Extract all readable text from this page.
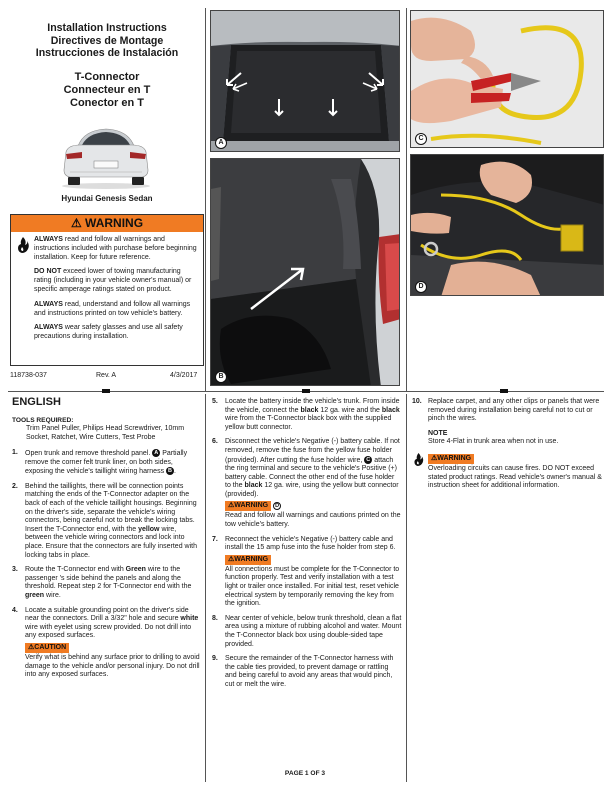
Installation Instructions
Directives de Montage
Instrucciones de Instalación
T-Connector
Connecteur en T
Conector en T
Hyundai Genesis Sedan
⚠ WARNING

ALWAYS read and follow all warnings and instructions included with purchase before beginning installation. Keep for future reference.

DO NOT exceed lower of towing manufacturing rating (including in your vehicle owner's manual) or specific amperage ratings stated on product.

ALWAYS read, understand and follow all warnings and instructions printed on tow vehicle's battery.

ALWAYS wear safety glasses and use all safety precautions during installation.

118738-037	Rev. A	4/3/2017
A
C
B
D
ENGLISH
TOOLS REQUIRED:
Trim Panel Puller, Philips Head Screwdriver, 10mm Socket, Ratchet, Wire Cutters, Test Probe
1. Open trunk and remove threshold panel. A Partially remove the corner felt trunk liner, on both sides, exposing the vehicle's taillight wiring harness B .
2. Behind the taillights, there will be connection points matching the ends of the T-Connector adapter on the back of each of the vehicle taillight housings. Beginning on the driver's side, separate the vehicle's wiring connectors, being careful not to break the locking tabs. Insert the T-Connector end, with the yellow wire, between the vehicle wiring connectors and lock into place. Ensure that the connectors are fully inserted with locking tabs in place.
3. Route the T-Connector end with Green wire to the passenger 's side behind the panels and along the threshold. Repeat step 2 for T-Connector end with the green wire.
4. Locate a suitable grounding point on the driver's side near the connectors. Drill a 3/32" hole and secure white wire with eyelet using screw provided. Do not drill into any exposed surfaces.
⚠CAUTION
Verify what is behind any surface prior to drilling to avoid damage to the vehicle and/or personal injury. Do not drill into any exposed surfaces.
5. Locate the battery inside the vehicle's trunk. From inside the vehicle, connect the black 12 ga. wire and the black wire from the T-Connector black box with the supplied yellow butt connector.
6. Disconnect the vehicle's Negative (-) battery cable. If not removed, remove the fuse from the yellow fuse holder (provided). After cutting the fuse holder wire, C attach the ring terminal and secure to the vehicle's Positive (+) battery cable. Connect the other end of the fuse holder to the black 12 ga. wire, using the yellow butt connector (provided).
⚠WARNING D
Read and follow all warnings and cautions printed on the tow vehicle's battery.
7. Reconnect the vehicle's Negative (-) battery cable and install the 15 amp fuse into the fuse holder from step 6.
⚠WARNING
All connections must be complete for the T-Connector to function properly. Test and verify installation with a test light or trailer once installed. For initial test, reset vehicle electrical system by temporarily removing the key from the ignition.
8. Near center of vehicle, below trunk threshold, clean a flat area using a mixture of rubbing alcohol and water. Mount the T-Connector black box using double-sided tape provided.
9. Secure the remainder of the T-Connector harness with the cable ties provided, to prevent damage or rattling and being careful to avoid any areas that would pinch, cut or melt the wire.
10. Replace carpet, and any other clips or panels that were removed during installation being careful not to cut or pinch the wires.
NOTE
Store 4-Flat in trunk area when not in use.
⚠WARNING
Overloading circuits can cause fires. DO NOT exceed stated product ratings. Read vehicle's owner's manual & instruction sheet for additional information.
PAGE 1 OF 3
